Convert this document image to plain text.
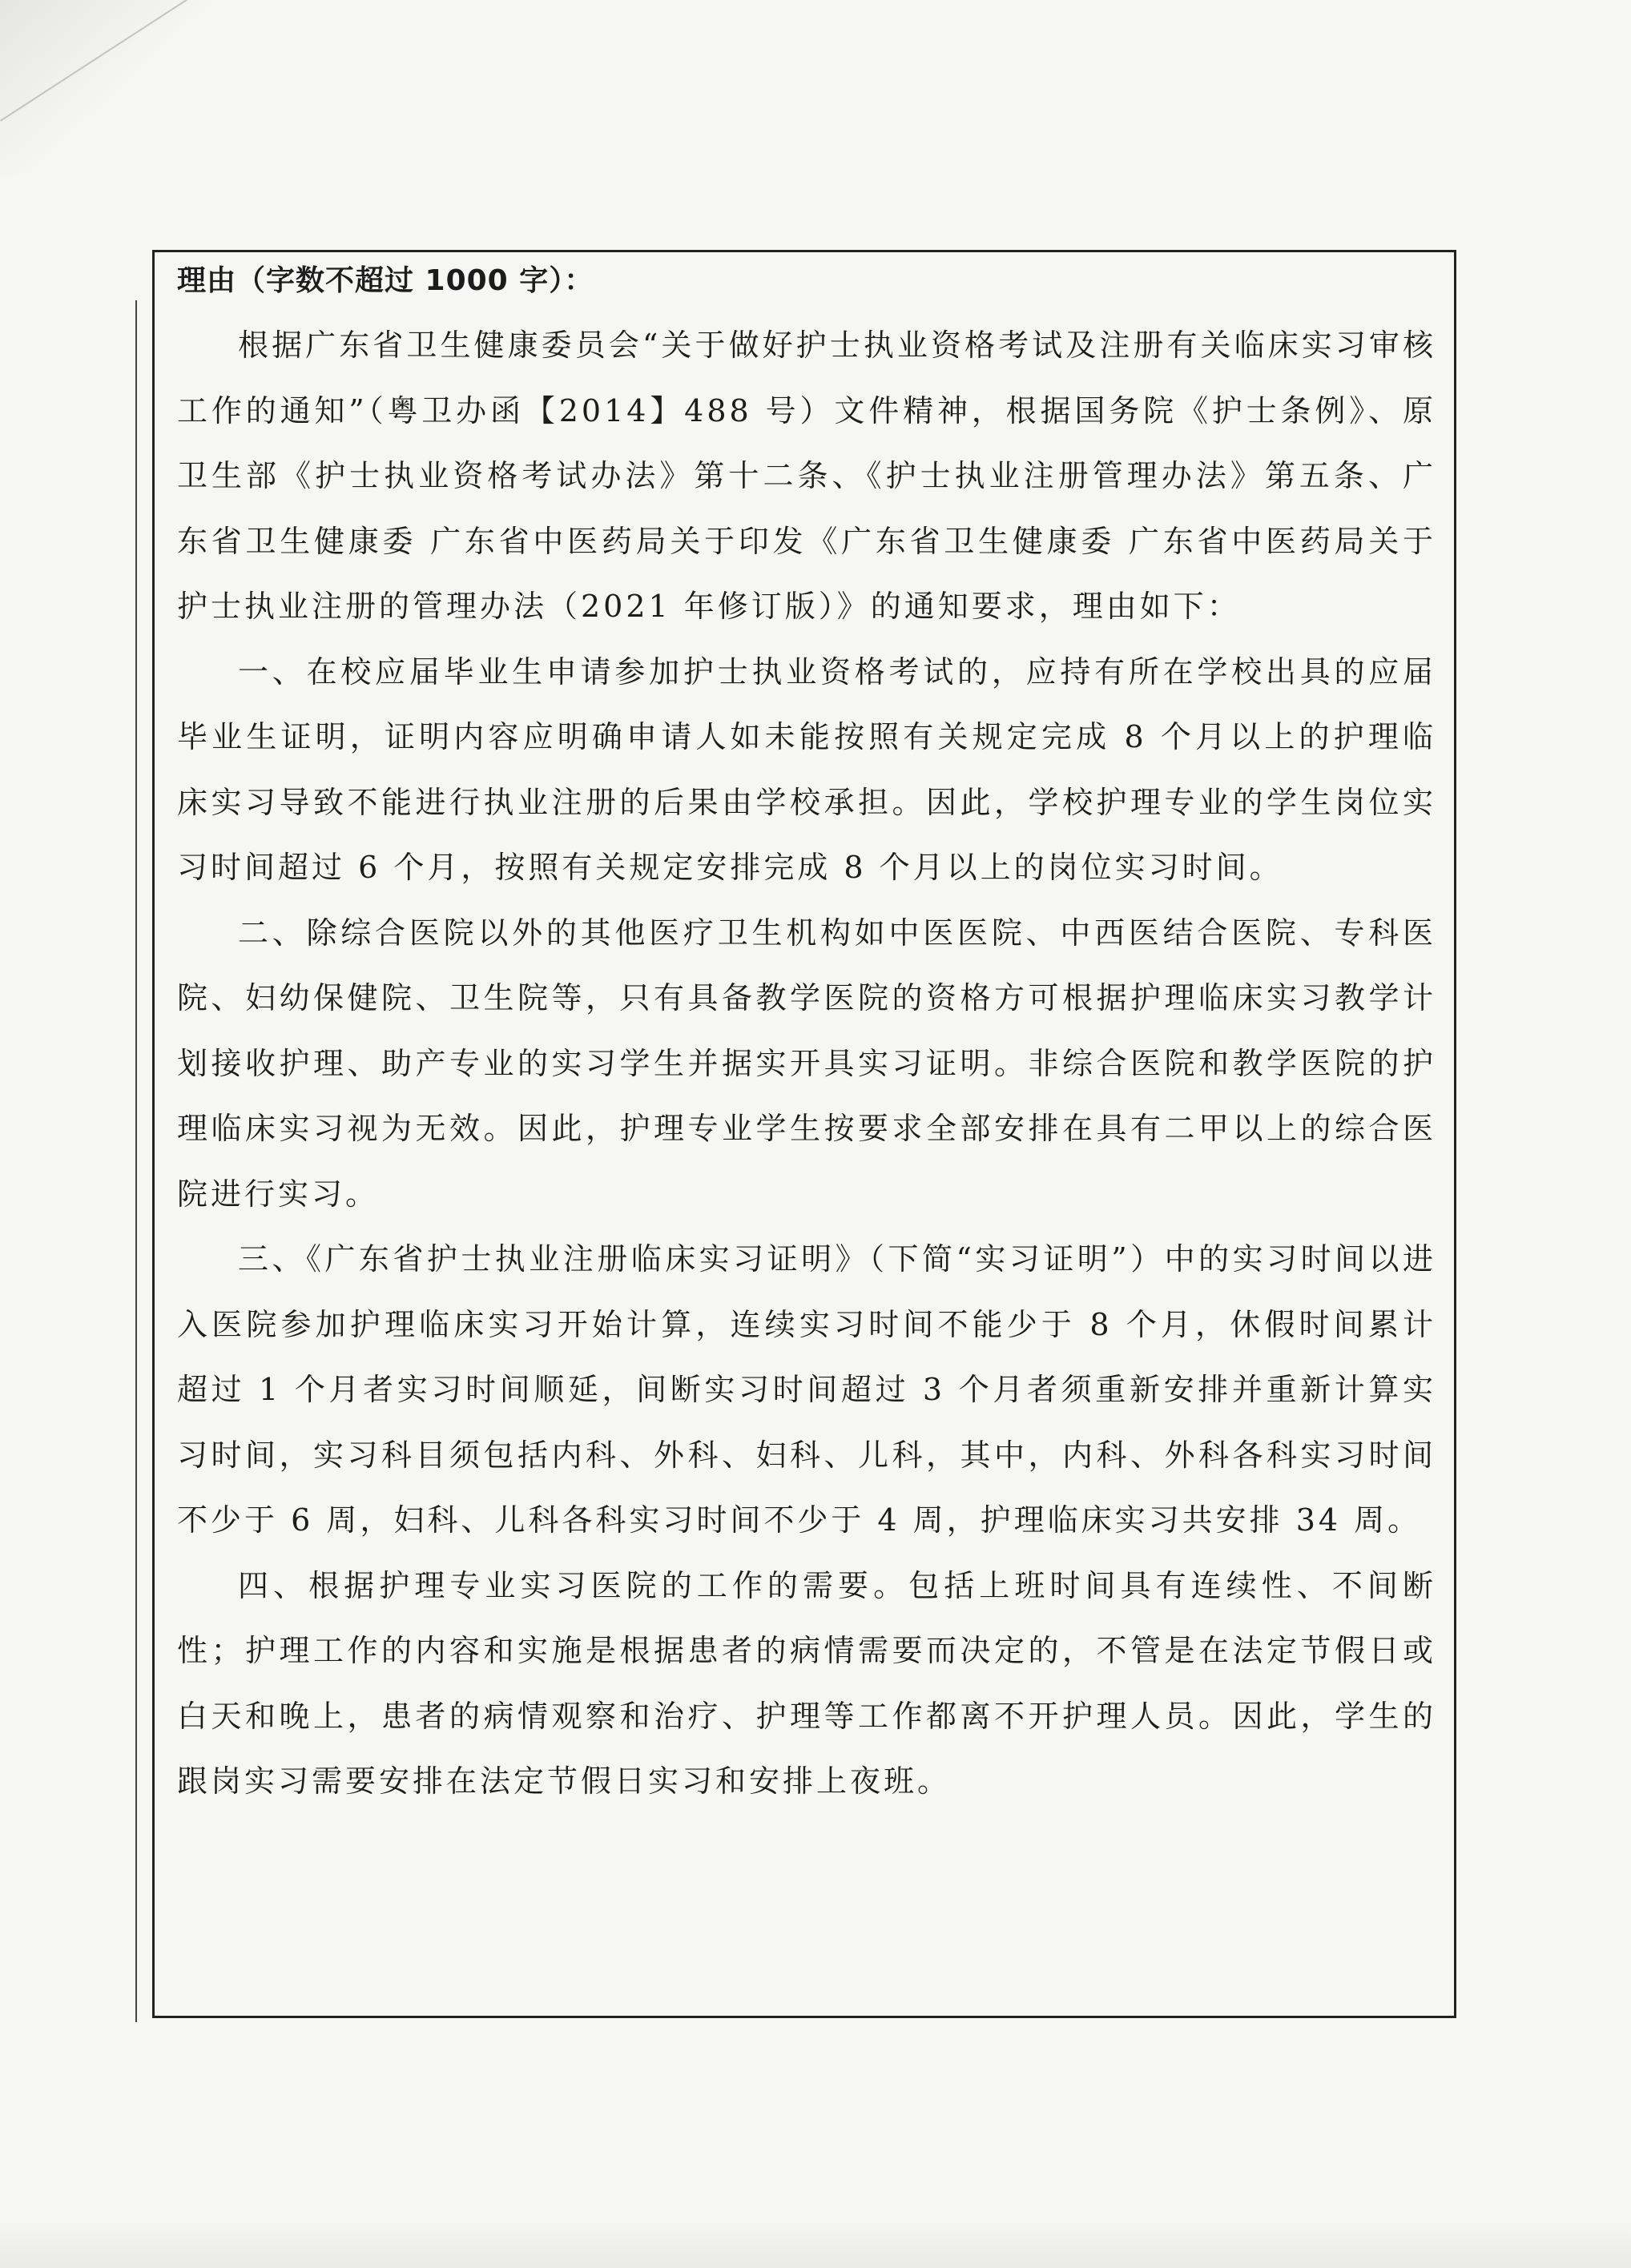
理由（字数不超过 1000 字）：

根据广东省卫生健康委员会“关于做好护士执业资格考试及注册有关临床实习审核工作的通知”（粤卫办函【2014】488 号）文件精神，根据国务院《护士条例》、原卫生部《护士执业资格考试办法》第十二条、《护士执业注册管理办法》第五条、广东省卫生健康委 广东省中医药局关于印发《广东省卫生健康委 广东省中医药局关于护士执业注册的管理办法（2021 年修订版）》的通知要求，理由如下：

一、在校应届毕业生申请参加护士执业资格考试的，应持有所在学校出具的应届毕业生证明，证明内容应明确申请人如未能按照有关规定完成 8 个月以上的护理临床实习导致不能进行执业注册的后果由学校承担。因此，学校护理专业的学生岗位实习时间超过 6 个月，按照有关规定安排完成 8 个月以上的岗位实习时间。

二、除综合医院以外的其他医疗卫生机构如中医医院、中西医结合医院、专科医院、妇幼保健院、卫生院等，只有具备教学医院的资格方可根据护理临床实习教学计划接收护理、助产专业的实习学生并据实开具实习证明。非综合医院和教学医院的护理临床实习视为无效。因此，护理专业学生按要求全部安排在具有二甲以上的综合医院进行实习。

三、《广东省护士执业注册临床实习证明》（下简“实习证明”）中的实习时间以进入医院参加护理临床实习开始计算，连续实习时间不能少于 8 个月，休假时间累计超过 1 个月者实习时间顺延，间断实习时间超过 3 个月者须重新安排并重新计算实习时间，实习科目须包括内科、外科、妇科、儿科，其中，内科、外科各科实习时间不少于 6 周，妇科、儿科各科实习时间不少于 4 周，护理临床实习共安排 34 周。

四、根据护理专业实习医院的工作的需要。包括上班时间具有连续性、不间断性；护理工作的内容和实施是根据患者的病情需要而决定的，不管是在法定节假日或白天和晚上，患者的病情观察和治疗、护理等工作都离不开护理人员。因此，学生的跟岗实习需要安排在法定节假日实习和安排上夜班。
